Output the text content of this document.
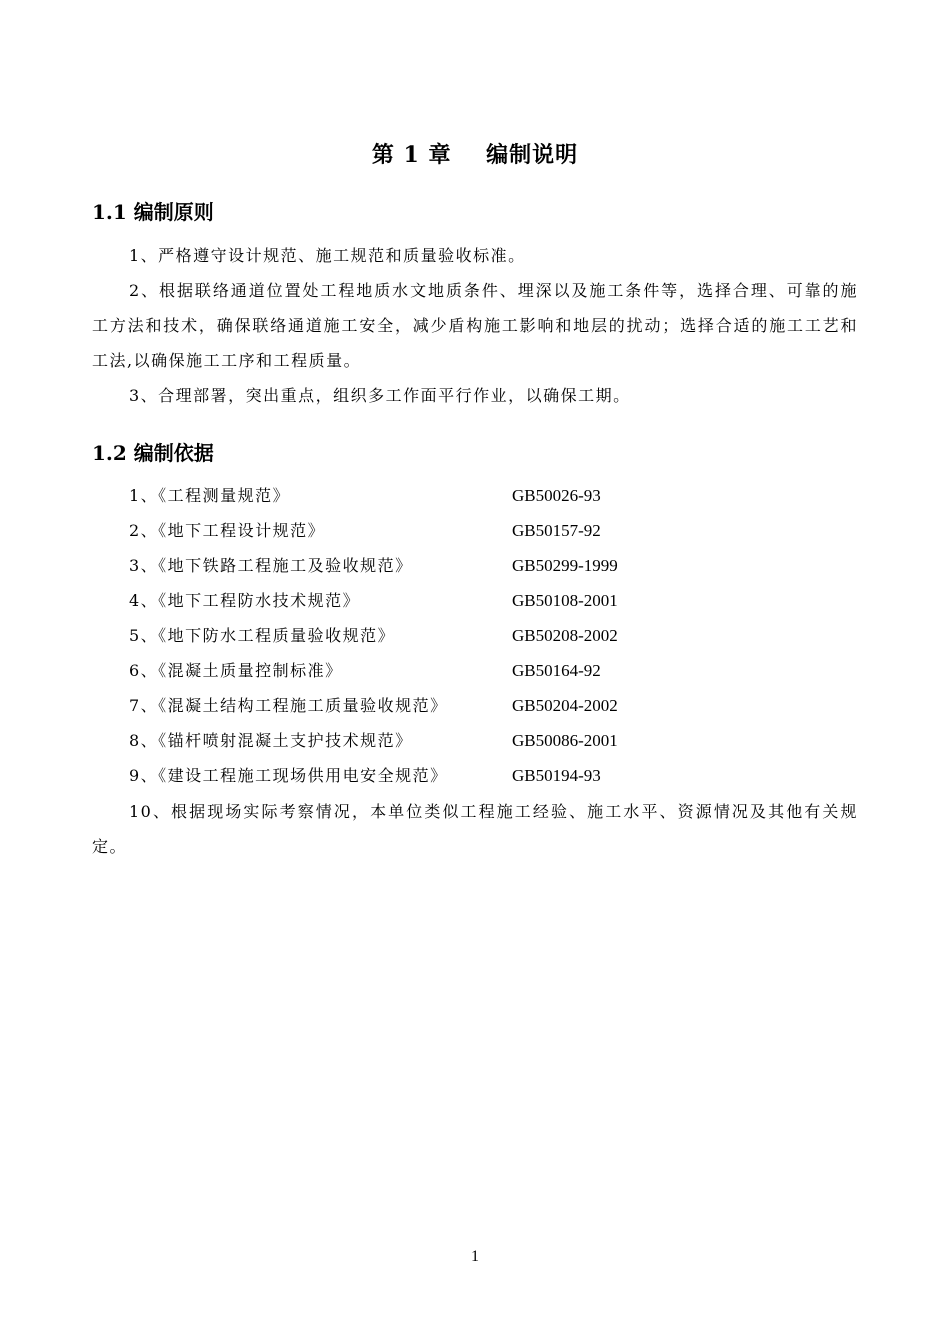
第 1 章    编制说明
1.1 编制原则
1、严格遵守设计规范、施工规范和质量验收标准。
2、根据联络通道位置处工程地质水文地质条件、埋深以及施工条件等，选择合理、可靠的施工方法和技术，确保联络通道施工安全，减少盾构施工影响和地层的扰动；选择合适的施工工艺和工法,以确保施工工序和工程质量。
3、合理部署，突出重点，组织多工作面平行作业，以确保工期。
1.2 编制依据
1、《工程测量规范》	GB50026-93
2、《地下工程设计规范》	GB50157-92
3、《地下铁路工程施工及验收规范》	GB50299-1999
4、《地下工程防水技术规范》	GB50108-2001
5、《地下防水工程质量验收规范》	GB50208-2002
6、《混凝土质量控制标准》	GB50164-92
7、《混凝土结构工程施工质量验收规范》	GB50204-2002
8、《锚杆喷射混凝土支护技术规范》	GB50086-2001
9、《建设工程施工现场供用电安全规范》	GB50194-93
10、根据现场实际考察情况，本单位类似工程施工经验、施工水平、资源情况及其他有关规定。
1
